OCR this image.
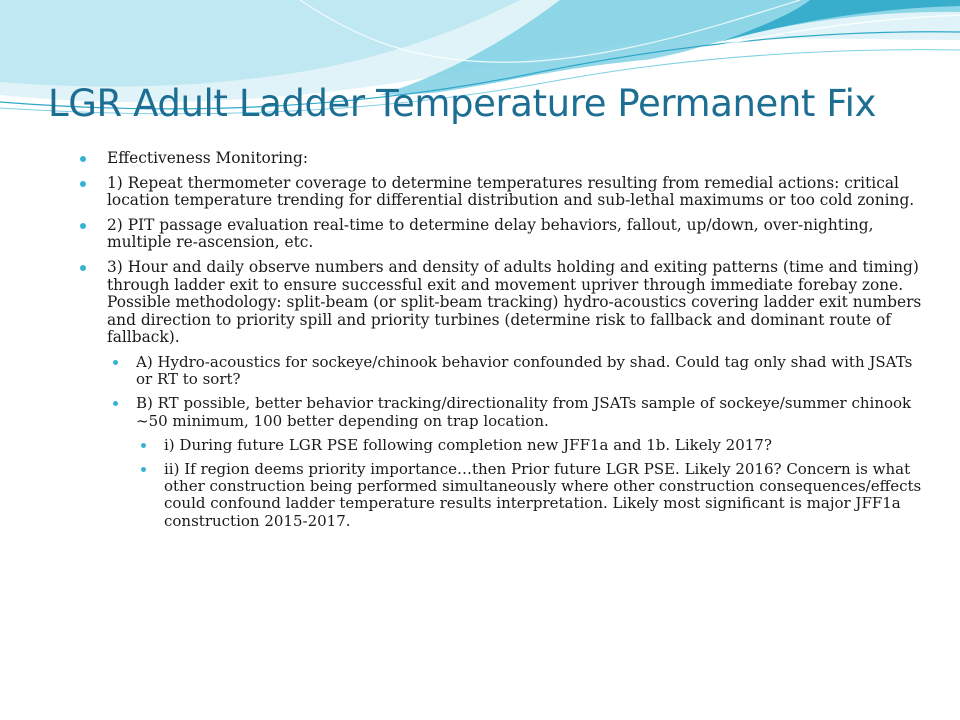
LGR Adult Ladder Temperature Permanent Fix
Effectiveness Monitoring:
1) Repeat thermometer coverage to determine temperatures resulting from remedial actions: critical location temperature trending for differential distribution and sub-lethal maximums or too cold zoning.
2) PIT passage evaluation real-time to determine delay behaviors, fallout, up/down, over-nighting, multiple re-ascension, etc.
3) Hour and daily observe numbers and density of adults holding and exiting patterns (time and timing) through ladder exit to ensure successful exit and movement upriver through immediate forebay zone. Possible methodology: split-beam (or split-beam tracking) hydro-acoustics covering ladder exit numbers and direction to priority spill and priority turbines (determine risk to fallback and dominant route of fallback).
A) Hydro-acoustics for sockeye/chinook behavior confounded by shad. Could tag only shad with JSATs or RT to sort?
B) RT possible, better behavior tracking/directionality from JSATs sample of sockeye/summer chinook ~50 minimum, 100 better depending on trap location.
i) During future LGR PSE following completion new JFF1a and 1b. Likely 2017?
ii) If region deems priority importance…then Prior future LGR PSE. Likely 2016? Concern is what other construction being performed simultaneously where other construction consequences/effects could confound ladder temperature results interpretation. Likely most significant is major JFF1a construction 2015-2017.
